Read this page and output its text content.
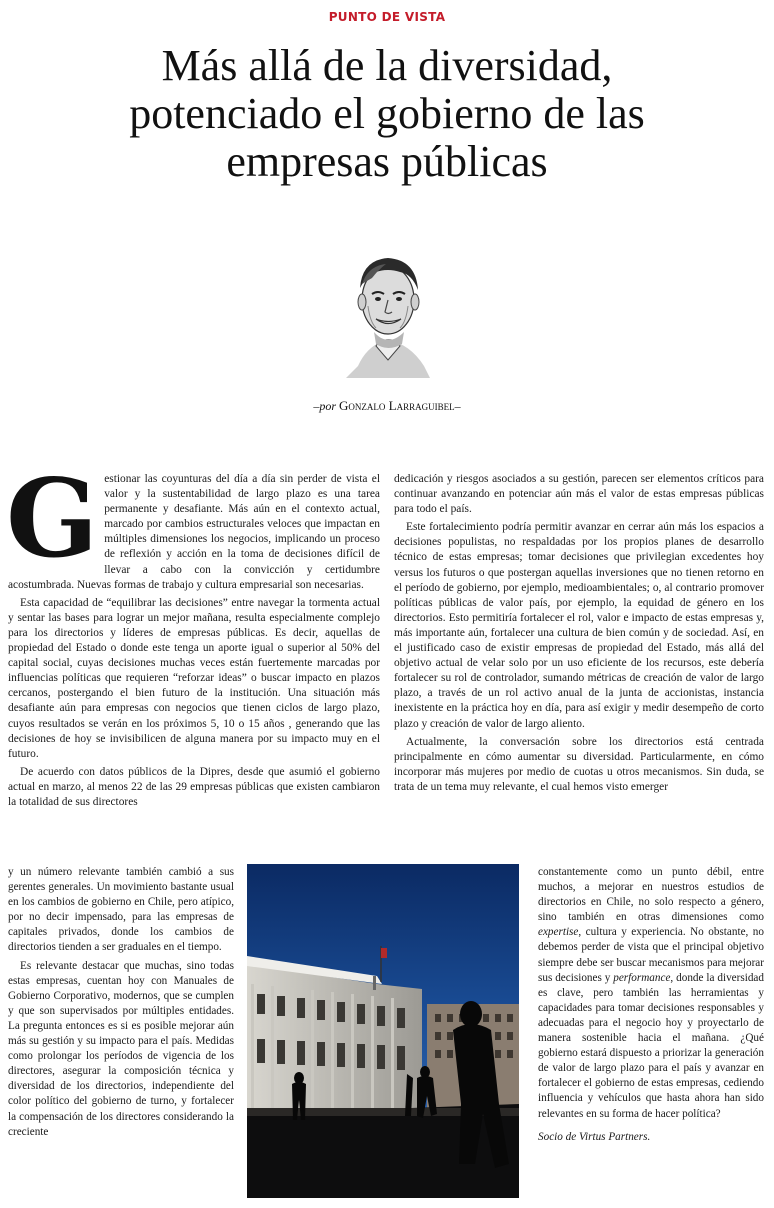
PUNTO DE VISTA
Más allá de la diversidad,
potenciado el gobierno de las
empresas públicas
–por Gonzalo Larraguibel–

Gestionar las coyunturas del día a día sin perder de vista el valor y la sustentabilidad de largo plazo es una tarea permanente y desafiante. Más aún en el contexto actual, marcado por cambios estructurales veloces que impactan en múltiples dimensiones los negocios, implicando un proceso de reflexión y acción en la toma de decisiones difícil de llevar a cabo con la convicción y certidumbre acostumbrada. Nuevas formas de trabajo y cultura empresarial son necesarias.

Esta capacidad de “equilibrar las decisiones” entre navegar la tormenta actual y sentar las bases para lograr un mejor mañana, resulta especialmente complejo para los directorios y líderes de empresas públicas. Es decir, aquellas de propiedad del Estado o donde este tenga un aporte igual o superior al 50% del capital social, cuyas decisiones muchas veces están fuertemente marcadas por influencias políticas que requieren “reforzar ideas” o buscar impacto en plazos cercanos, postergando el bien futuro de la institución. Una situación más desafiante aún para empresas con negocios que tienen ciclos de largo plazo, cuyos resultados se verán en los próximos 5, 10 o 15 años , generando que las decisiones de hoy se invisibilicen de alguna manera por su impacto muy en el futuro.

De acuerdo con datos públicos de la Dipres, desde que asumió el gobierno actual en marzo, al menos 22 de las 29 empresas públicas que existen cambiaron la totalidad de sus directores

y un número relevante también cambió a sus gerentes generales. Un movimiento bastante usual en los cambios de gobierno en Chile, pero atípico, por no decir impensado, para las empresas de capitales privados, donde los cambios de directorios tienden a ser graduales en el tiempo.

Es relevante destacar que muchas, sino todas estas empresas, cuentan hoy con Manuales de Gobierno Corporativo, modernos, que se cumplen y que son supervisados por múltiples entidades. La pregunta entonces es si es posible mejorar aún más su gestión y su impacto para el país. Medidas como prolongar los períodos de vigencia de los directores, asegurar la composición técnica y diversidad de los directorios, independiente del color político del gobierno de turno, y fortalecer la compensación de los directores considerando la creciente

dedicación y riesgos asociados a su gestión, parecen ser elementos críticos para continuar avanzando en potenciar aún más el valor de estas empresas públicas para todo el país.

Este fortalecimiento podría permitir avanzar en cerrar aún más los espacios a decisiones populistas, no respaldadas por los propios planes de desarrollo técnico de estas empresas; tomar decisiones que privilegian excedentes hoy versus los futuros o que postergan aquellas inversiones que no tienen retorno en el período de gobierno, por ejemplo, medioambientales; o, al contrario promover políticas públicas de valor país, por ejemplo, la equidad de género en los directorios. Esto permitiría fortalecer el rol, valor e impacto de estas empresas y, más importante aún, fortalecer una cultura de bien común y de sociedad. Así, en el justificado caso de existir empresas de propiedad del Estado, más allá del objetivo actual de velar solo por un uso eficiente de los recursos, este debería fortalecer su rol de controlador, sumando métricas de creación de valor de largo plazo, a través de un rol activo anual de la junta de accionistas, instancia inexistente en la práctica hoy en día, para así exigir y medir desempeño de corto plazo y creación de valor de largo aliento.

Actualmente, la conversación sobre los directorios está centrada principalmente en cómo aumentar su diversidad. Particularmente, en cómo incorporar más mujeres por medio de cuotas u otros mecanismos. Sin duda, se trata de un tema muy relevante, el cual hemos visto emerger

constantemente como un punto débil, entre muchos, a mejorar en nuestros estudios de directorios en Chile, no solo respecto a género, sino también en otras dimensiones como expertise, cultura y experiencia. No obstante, no debemos perder de vista que el principal objetivo siempre debe ser buscar mecanismos para mejorar sus decisiones y performance, donde la diversidad es clave, pero también las herramientas y capacidades para tomar decisiones responsables y adecuadas para el negocio hoy y proyectarlo de manera sostenible hacia el mañana. ¿Qué gobierno estará dispuesto a priorizar la generación de valor de largo plazo para el país y avanzar en fortalecer el gobierno de estas empresas, cediendo influencia y vehículos que hasta ahora han sido relevantes en su forma de hacer política?

Socio de Virtus Partners.
